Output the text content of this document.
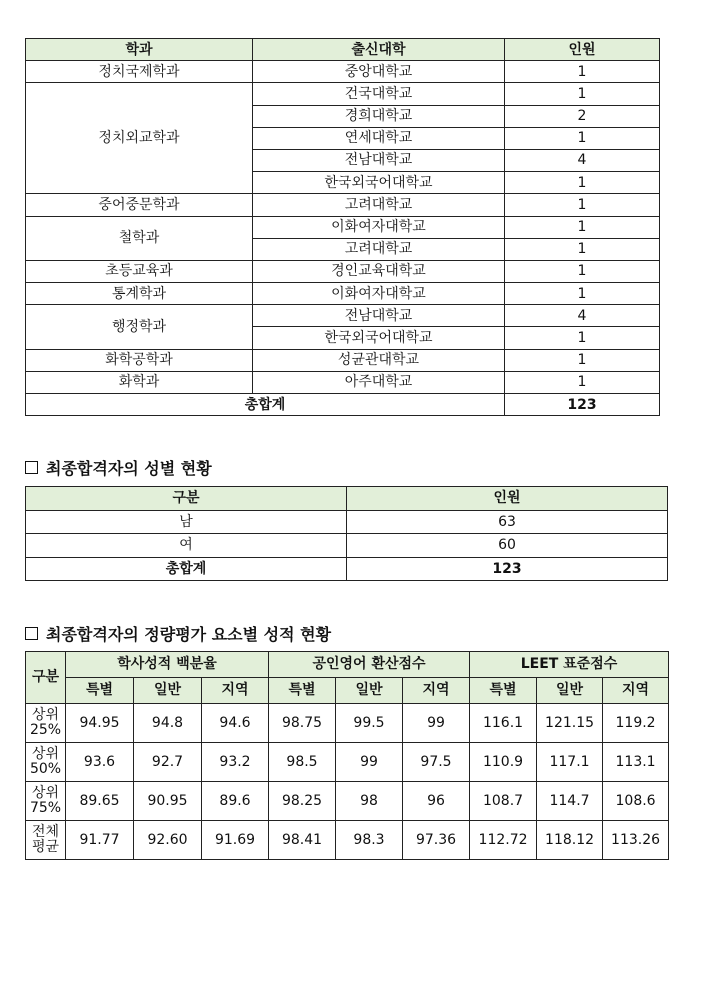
학과	출신대학	인원
정치국제학과	중앙대학교	1
정치외교학과	건국대학교	1
	경희대학교	2
	연세대학교	1
	전남대학교	4
	한국외국어대학교	1
중어중문학과	고려대학교	1
철학과	이화여자대학교	1
	고려대학교	1
초등교육과	경인교육대학교	1
통계학과	이화여자대학교	1
행정학과	전남대학교	4
	한국외국어대학교	1
화학공학과	성균관대학교	1
화학과	아주대학교	1
총합계		123
최종합격자의 성별 현황
구분	인원
남	63
여	60
총합계	123
최종합격자의 정량평가 요소별 성적 현황
구분	학사성적 백분율			공인영어 환산점수			LEET 표준점수		
	특별	일반	지역	특별	일반	지역	특별	일반	지역
상위 25%	94.95	94.8	94.6	98.75	99.5	99	116.1	121.15	119.2
상위 50%	93.6	92.7	93.2	98.5	99	97.5	110.9	117.1	113.1
상위 75%	89.65	90.95	89.6	98.25	98	96	108.7	114.7	108.6
전체 평균	91.77	92.60	91.69	98.41	98.3	97.36	112.72	118.12	113.26
